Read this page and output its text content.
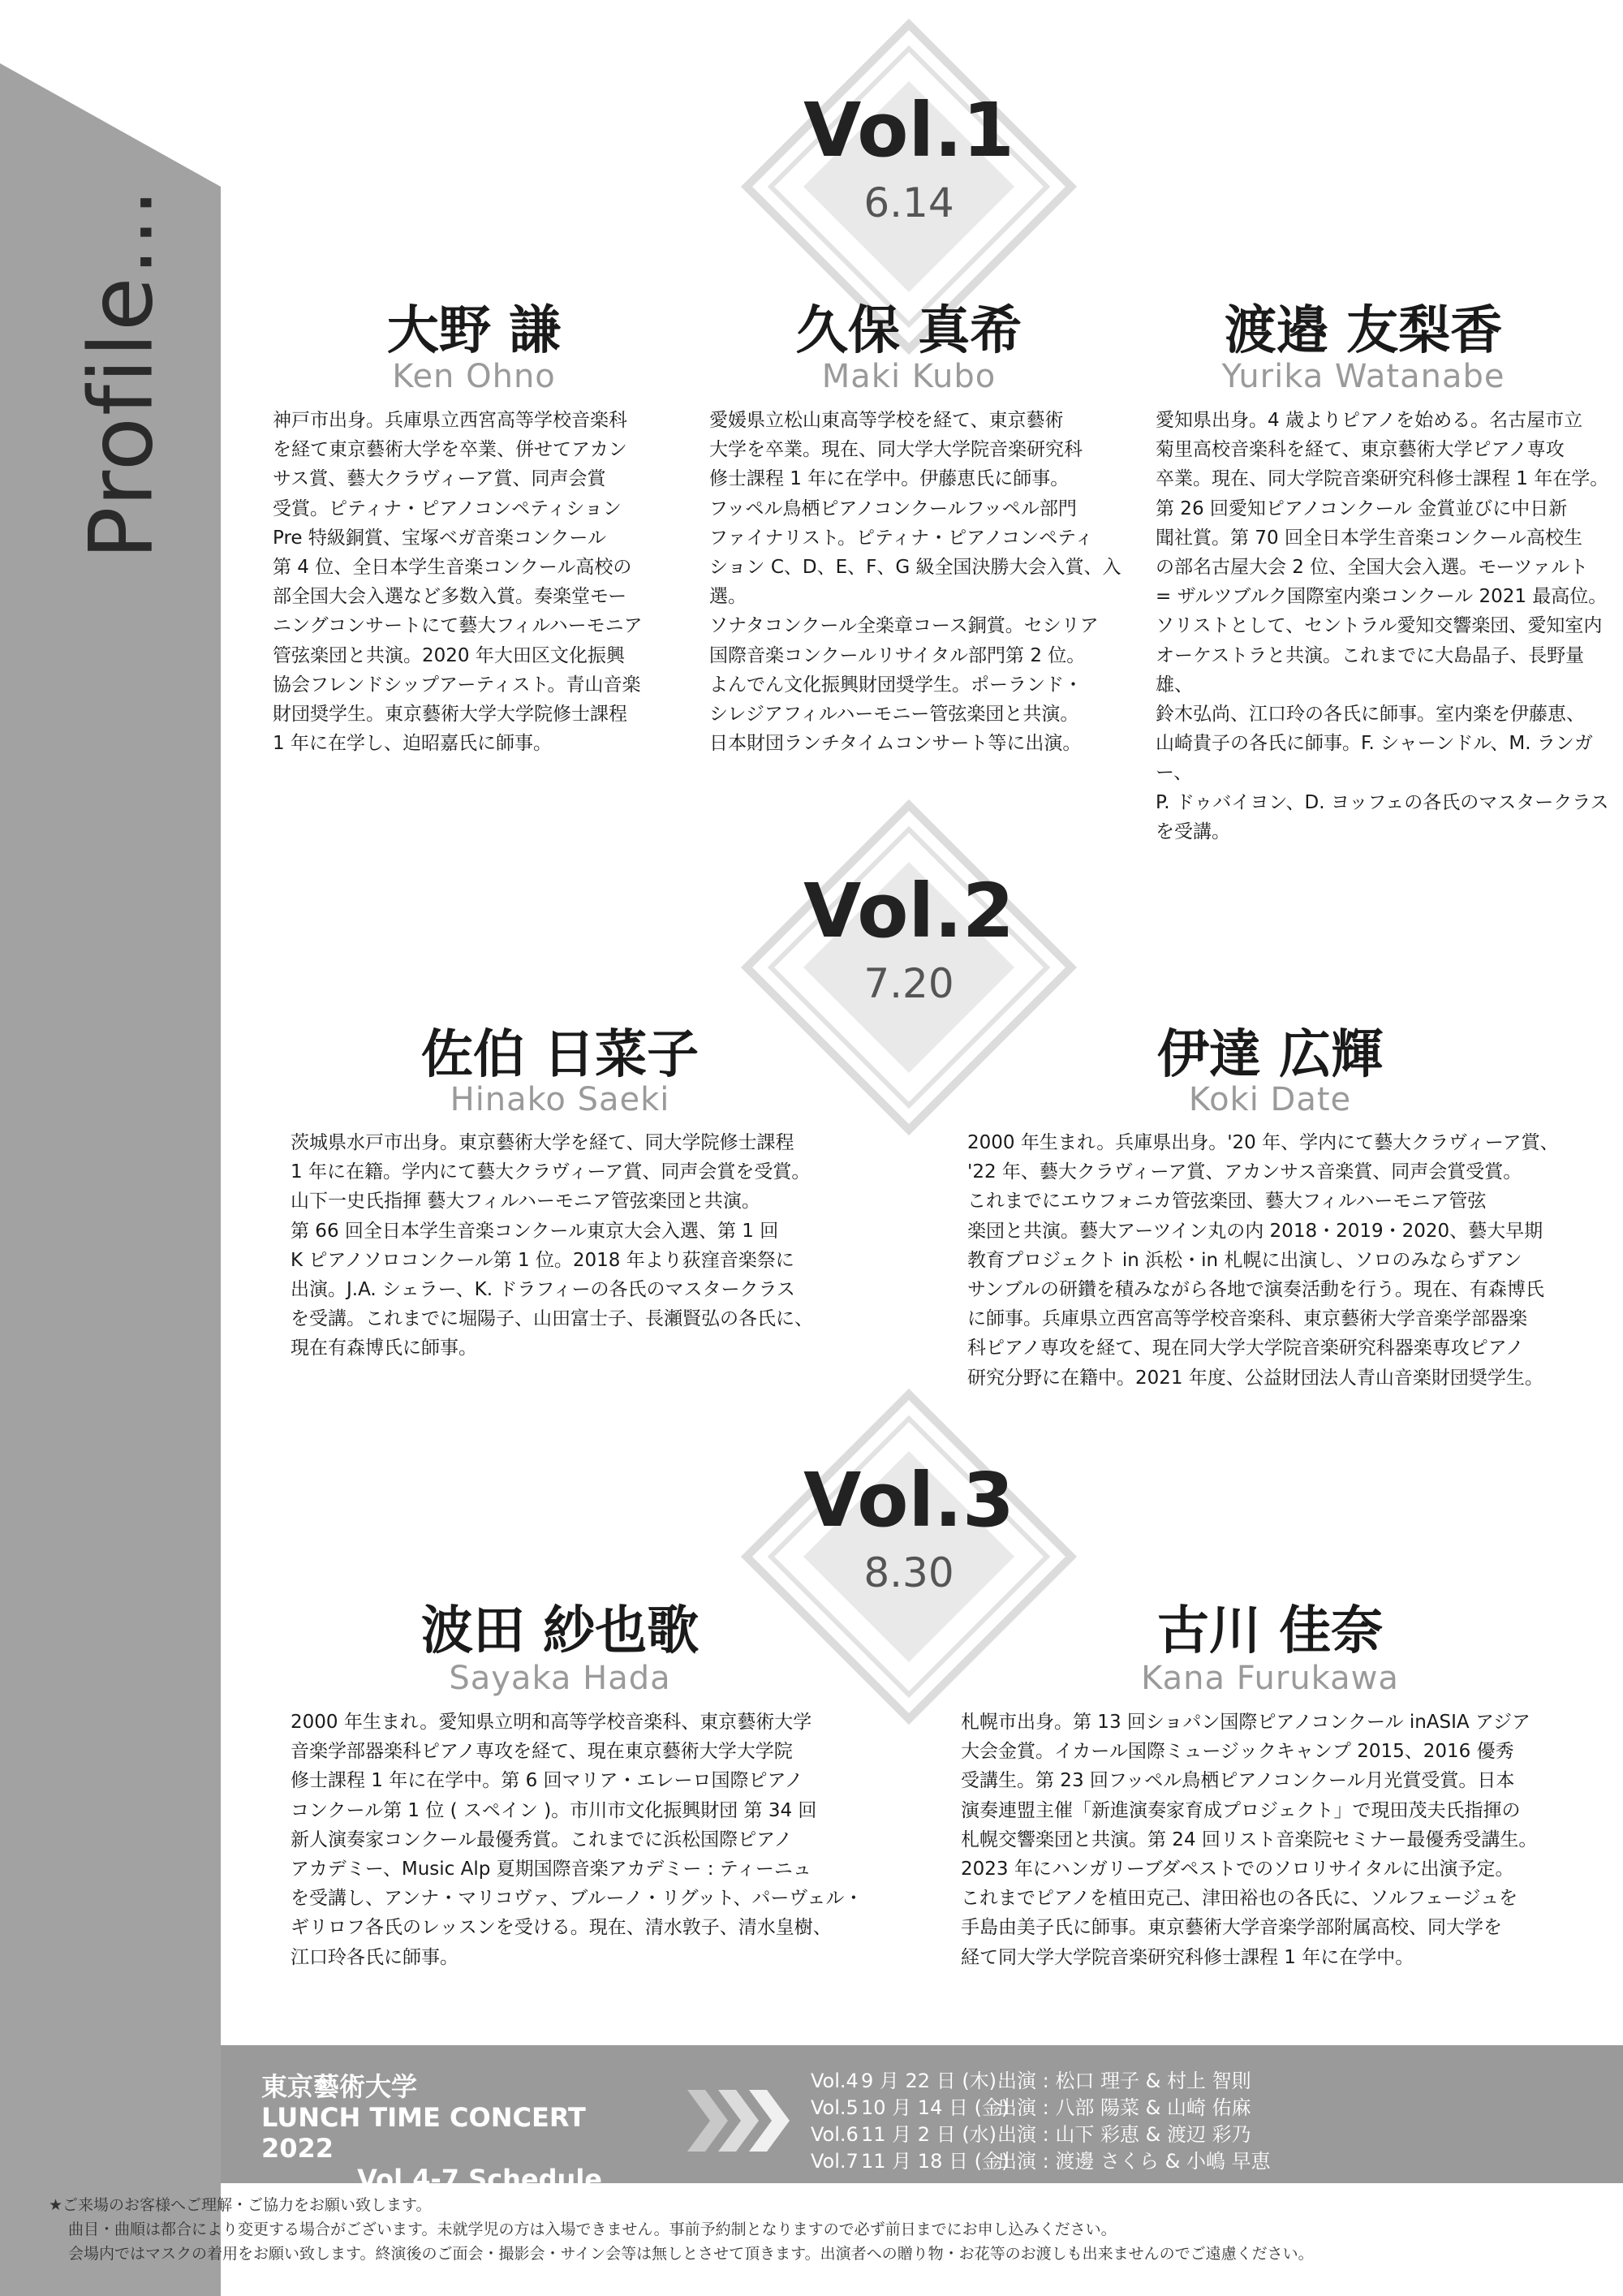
Profile...
Vol.1
6.14
Vol.2
7.20
Vol.3
8.30
大野 謙
Ken Ohno
神戸市出身。兵庫県立西宮高等学校音楽科
を経て東京藝術大学を卒業、併せてアカン
サス賞、藝大クラヴィーア賞、同声会賞
受賞。ピティナ・ピアノコンペティション
Pre 特級銅賞、宝塚ベガ音楽コンクール
第 4 位、全日本学生音楽コンクール高校の
部全国大会入選など多数入賞。奏楽堂モー
ニングコンサートにて藝大フィルハーモニア
管弦楽団と共演。2020 年大田区文化振興
協会フレンドシップアーティスト。青山音楽
財団奨学生。東京藝術大学大学院修士課程
1 年に在学し、迫昭嘉氏に師事。
久保 真希
Maki Kubo
愛媛県立松山東高等学校を経て、東京藝術
大学を卒業。現在、同大学大学院音楽研究科
修士課程 1 年に在学中。伊藤恵氏に師事。
フッペル鳥栖ピアノコンクールフッペル部門
ファイナリスト。ピティナ・ピアノコンペティ
ション C、D、E、F、G 級全国決勝大会入賞、入選。
ソナタコンクール全楽章コース銅賞。セシリア
国際音楽コンクールリサイタル部門第 2 位。
よんでん文化振興財団奨学生。ポーランド・
シレジアフィルハーモニー管弦楽団と共演。
日本財団ランチタイムコンサート等に出演。
渡邉 友梨香
Yurika Watanabe
愛知県出身。4 歳よりピアノを始める。名古屋市立
菊里高校音楽科を経て、東京藝術大学ピアノ専攻
卒業。現在、同大学院音楽研究科修士課程 1 年在学。
第 26 回愛知ピアノコンクール 金賞並びに中日新
聞社賞。第 70 回全日本学生音楽コンクール高校生
の部名古屋大会 2 位、全国大会入選。モーツァルト
= ザルツブルク国際室内楽コンクール 2021 最高位。
ソリストとして、セントラル愛知交響楽団、愛知室内
オーケストラと共演。これまでに大島晶子、長野量雄、
鈴木弘尚、江口玲の各氏に師事。室内楽を伊藤恵、
山崎貴子の各氏に師事。F. シャーンドル、M. ランガー、
P. ドゥバイヨン、D. ヨッフェの各氏のマスタークラス
を受講。
佐伯 日菜子
Hinako Saeki
茨城県水戸市出身。東京藝術大学を経て、同大学院修士課程
1 年に在籍。学内にて藝大クラヴィーア賞、同声会賞を受賞。
山下一史氏指揮 藝大フィルハーモニア管弦楽団と共演。
第 66 回全日本学生音楽コンクール東京大会入選、第 1 回
K ピアノソロコンクール第 1 位。2018 年より荻窪音楽祭に
出演。J.A. シェラー、K. ドラフィーの各氏のマスタークラス
を受講。これまでに堀陽子、山田富士子、長瀬賢弘の各氏に、
現在有森博氏に師事。
伊達 広輝
Koki Date
2000 年生まれ。兵庫県出身。'20 年、学内にて藝大クラヴィーア賞、
'22 年、藝大クラヴィーア賞、アカンサス音楽賞、同声会賞受賞。
これまでにエウフォニカ管弦楽団、藝大フィルハーモニア管弦
楽団と共演。藝大アーツイン丸の内 2018・2019・2020、藝大早期
教育プロジェクト in 浜松・in 札幌に出演し、ソロのみならずアン
サンブルの研鑽を積みながら各地で演奏活動を行う。現在、有森博氏
に師事。兵庫県立西宮高等学校音楽科、東京藝術大学音楽学部器楽
科ピアノ専攻を経て、現在同大学大学院音楽研究科器楽専攻ピアノ
研究分野に在籍中。2021 年度、公益財団法人青山音楽財団奨学生。
波田 紗也歌
Sayaka Hada
2000 年生まれ。愛知県立明和高等学校音楽科、東京藝術大学
音楽学部器楽科ピアノ専攻を経て、現在東京藝術大学大学院
修士課程 1 年に在学中。第 6 回マリア・エレーロ国際ピアノ
コンクール第 1 位 ( スペイン )。市川市文化振興財団 第 34 回
新人演奏家コンクール最優秀賞。これまでに浜松国際ピアノ
アカデミー、Music Alp 夏期国際音楽アカデミー : ティーニュ
を受講し、アンナ・マリコヴァ、ブルーノ・リグット、パーヴェル・
ギリロフ各氏のレッスンを受ける。現在、清水敦子、清水皇樹、
江口玲各氏に師事。
古川 佳奈
Kana Furukawa
札幌市出身。第 13 回ショパン国際ピアノコンクール inASIA アジア
大会金賞。イカール国際ミュージックキャンプ 2015、2016 優秀
受講生。第 23 回フッペル鳥栖ピアノコンクール月光賞受賞。日本
演奏連盟主催「新進演奏家育成プロジェクト」で現田茂夫氏指揮の
札幌交響楽団と共演。第 24 回リスト音楽院セミナー最優秀受講生。
2023 年にハンガリーブダペストでのソロリサイタルに出演予定。
これまでピアノを植田克己、津田裕也の各氏に、ソルフェージュを
手島由美子氏に師事。東京藝術大学音楽学部附属高校、同大学を
経て同大学大学院音楽研究科修士課程 1 年に在学中。
東京藝術大学
LUNCH TIME CONCERT 2022
Vol.4-7 Schedule
Vol.4 9 月 22 日 (木)出演 : 松口 理子 & 村上 智則
Vol.5 10 月 14 日 (金)出演 : 八部 陽菜 & 山崎 佑麻
Vol.6 11 月 2 日 (水)出演 : 山下 彩恵 & 渡辺 彩乃
Vol.7 11 月 18 日 (金)出演 : 渡邊 さくら & 小嶋 早恵
★ご来場のお客様へご理解・ご協力をお願い致します。
曲目・曲順は都合により変更する場合がございます。未就学児の方は入場できません。事前予約制となりますので必ず前日までにお申し込みください。
会場内ではマスクの着用をお願い致します。終演後のご面会・撮影会・サイン会等は無しとさせて頂きます。出演者への贈り物・お花等のお渡しも出来ませんのでご遠慮ください。
